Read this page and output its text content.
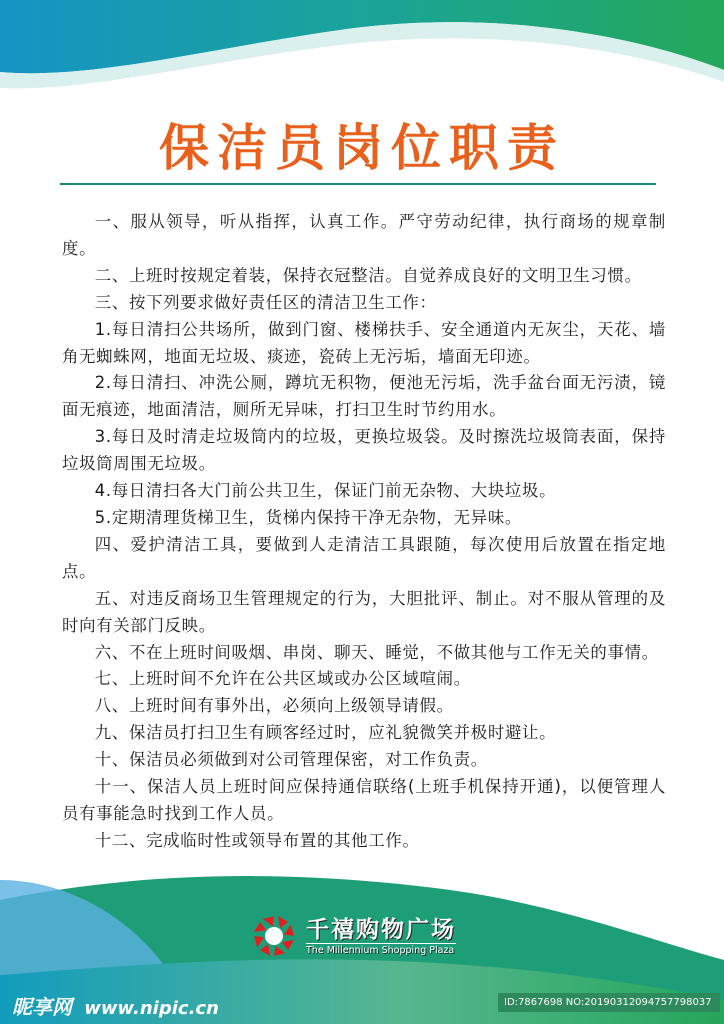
保洁员岗位职责

一、服从领导，听从指挥，认真工作。严守劳动纪律，执行商场的规章制度。

二、上班时按规定着装，保持衣冠整洁。自觉养成良好的文明卫生习惯。

三、按下列要求做好责任区的清洁卫生工作：

1.每日清扫公共场所，做到门窗、楼梯扶手、安全通道内无灰尘，天花、墙角无蜘蛛网，地面无垃圾、痰迹，瓷砖上无污垢，墙面无印迹。

2.每日清扫、冲洗公厕，蹲坑无积物，便池无污垢，洗手盆台面无污渍，镜面无痕迹，地面清洁，厕所无异味，打扫卫生时节约用水。

3.每日及时清走垃圾筒内的垃圾，更换垃圾袋。及时擦洗垃圾筒表面，保持垃圾筒周围无垃圾。

4.每日清扫各大门前公共卫生，保证门前无杂物、大块垃圾。

5.定期清理货梯卫生，货梯内保持干净无杂物，无异味。

四、爱护清洁工具，要做到人走清洁工具跟随，每次使用后放置在指定地点。

五、对违反商场卫生管理规定的行为，大胆批评、制止。对不服从管理的及时向有关部门反映。

六、不在上班时间吸烟、串岗、聊天、睡觉，不做其他与工作无关的事情。

七、上班时间不允许在公共区域或办公区域喧闹。

八、上班时间有事外出，必须向上级领导请假。

九、保洁员打扫卫生有顾客经过时，应礼貌微笑并极时避让。

十、保洁员必须做到对公司管理保密，对工作负责。

十一、保洁人员上班时间应保持通信联络(上班手机保持开通)，以便管理人员有事能急时找到工作人员。

十二、完成临时性或领导布置的其他工作。

千禧购物广场
The Millennium Shopping Plaza
昵享网 www.nipic.cn	ID:7867698 NO:20190312094757798037
